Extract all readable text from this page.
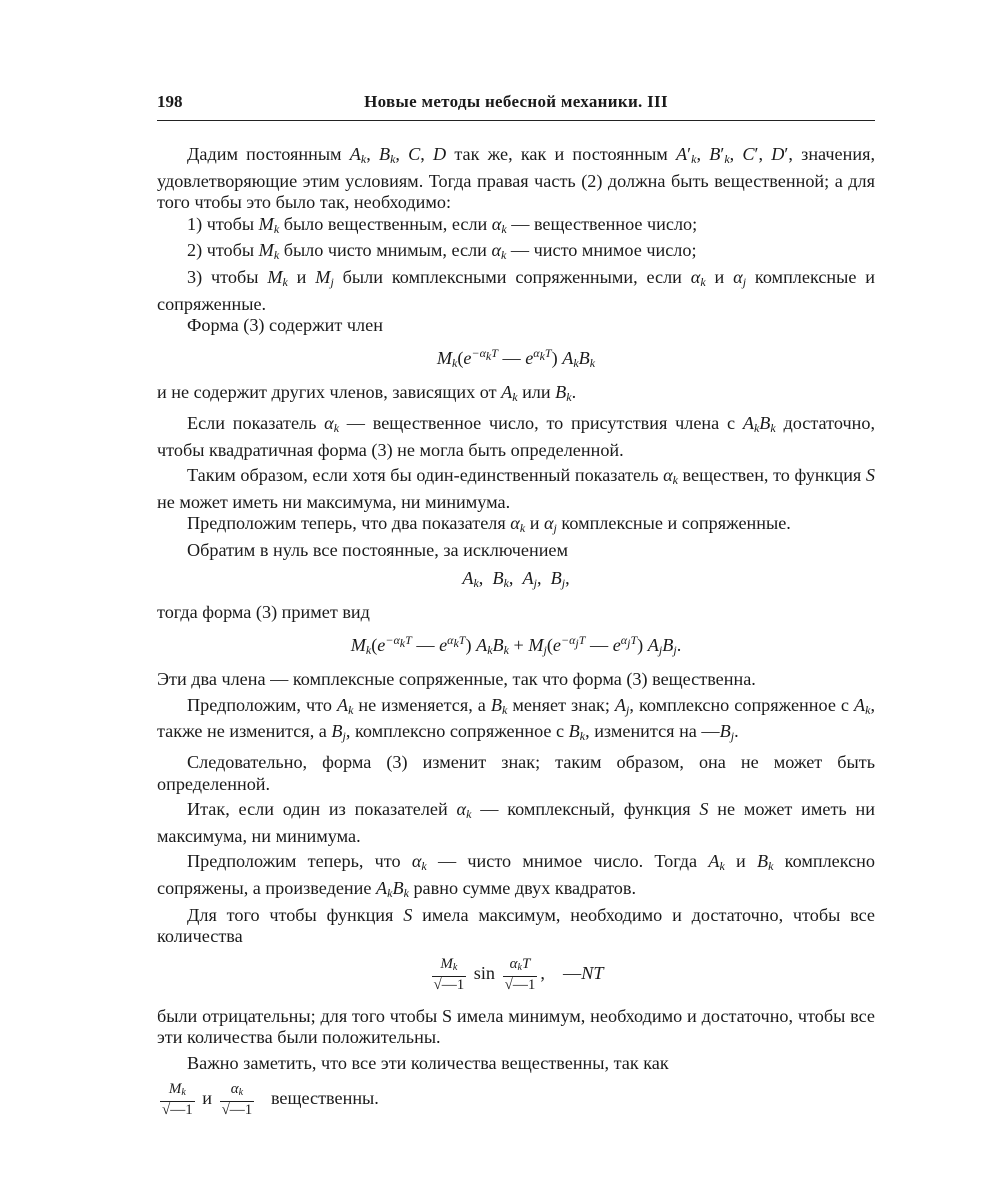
198	Новые методы небесной механики. III

Дадим постоянным $A_k$, $B_k$, C, D так же, как и постоянным $A'_k$, $B'_k$, C′, D′, значения, удовлетворяющие этим условиям. Тогда правая часть (2) должна быть вещественной; а для того чтобы это было так, необходимо:

1) чтобы $M_k$ было вещественным, если $\alpha_k$ — вещественное число;

2) чтобы $M_k$ было чисто мнимым, если $\alpha_k$ — чисто мнимое число;

3) чтобы $M_k$ и $M_j$ были комплексными сопряженными, если $\alpha_k$ и $\alpha_j$ комплексные и сопряженные.

Форма (3) содержит член

$M_k(e^{-\alpha_kT}$ — $e^{\alpha_kT}$) $A_kB_k$

и не содержит других членов, зависящих от $A_k$ или $B_k$.

Если показатель $\alpha_k$ — вещественное число, то присутствия члена с $A_kB_k$ достаточно, чтобы квадратичная форма (3) не могла быть определенной.

Таким образом, если хотя бы один-единственный показатель $\alpha_k$ веществен, то функция S не может иметь ни максимума, ни минимума.

Предположим теперь, что два показателя $\alpha_k$ и $\alpha_j$ комплексные и сопряженные.

Обратим в нуль все постоянные, за исключением

$A_k$,  $B_k$,  $A_j$,  $B_j$,

тогда форма (3) примет вид

$M_k(e^{-\alpha_kT}$ — $e^{\alpha_kT}$) $A_kB_k + M_j(e^{-\alpha_jT}$ — $e^{\alpha_jT}$) $A_jB_j$.

Эти два члена — комплексные сопряженные, так что форма (3) вещественна.

Предположим, что $A_k$ не изменяется, а $B_k$ меняет знак; $A_j$, комплексно сопряженное с $A_k$, также не изменится, а $B_j$, комплексно сопряженное с $B_k$, изменится на $—B_j$.

Следовательно, форма (3) изменит знак; таким образом, она не может быть определенной.

Итак, если один из показателей $\alpha_k$ — комплексный, функция S не может иметь ни максимума, ни минимума.

Предположим теперь, что $\alpha_k$ — чисто мнимое число. Тогда $A_k$ и $B_k$ комплексно сопряжены, а произведение $A_kB_k$ равно сумме двух квадратов.

Для того чтобы функция S имела максимум, необходимо и достаточно, чтобы все количества

$\frac{M_k}{√—1}$ $\sin \frac{\alpha_kT}{√—1}$ ,    —NT

были отрицательны; для того чтобы S имела минимум, необходимо и достаточно, чтобы все эти количества были положительны.

Важно заметить, что все эти количества вещественны, так как

$\frac{M_k}{√—1}$ и $\frac{\alpha_k}{√—1}$ вещественны.
